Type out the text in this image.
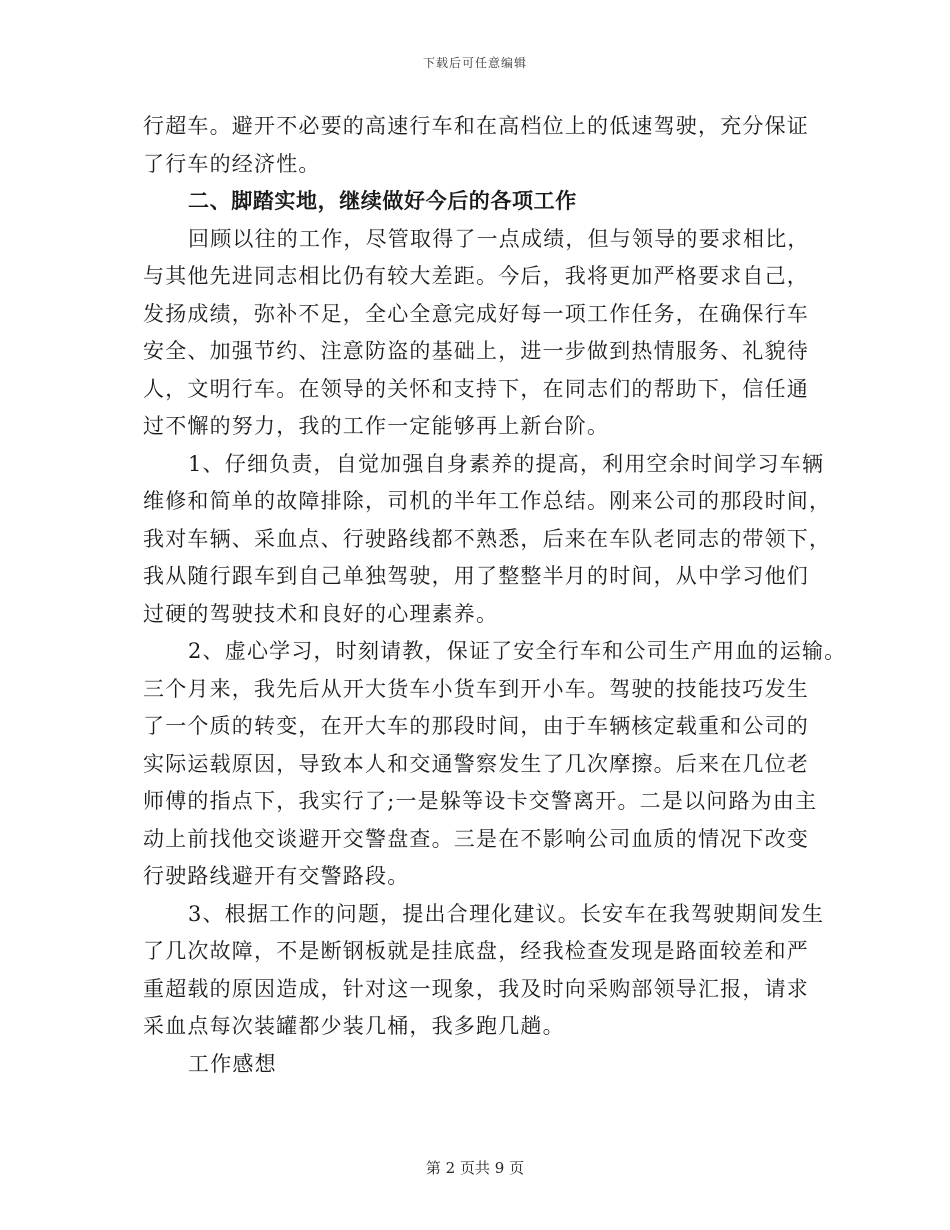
下载后可任意编辑
行超车。避开不必要的高速行车和在高档位上的低速驾驶，充分保证
了行车的经济性。
二、脚踏实地，继续做好今后的各项工作
回顾以往的工作，尽管取得了一点成绩，但与领导的要求相比，
与其他先进同志相比仍有较大差距。今后，我将更加严格要求自己，
发扬成绩，弥补不足，全心全意完成好每一项工作任务，在确保行车
安全、加强节约、注意防盗的基础上，进一步做到热情服务、礼貌待
人，文明行车。在领导的关怀和支持下，在同志们的帮助下，信任通
过不懈的努力，我的工作一定能够再上新台阶。
1、仔细负责，自觉加强自身素养的提高，利用空余时间学习车辆
维修和简单的故障排除，司机的半年工作总结。刚来公司的那段时间，
我对车辆、采血点、行驶路线都不熟悉，后来在车队老同志的带领下，
我从随行跟车到自己单独驾驶，用了整整半月的时间，从中学习他们
过硬的驾驶技术和良好的心理素养。
2、虚心学习，时刻请教，保证了安全行车和公司生产用血的运输。
三个月来，我先后从开大货车小货车到开小车。驾驶的技能技巧发生
了一个质的转变，在开大车的那段时间，由于车辆核定载重和公司的
实际运载原因，导致本人和交通警察发生了几次摩擦。后来在几位老
师傅的指点下，我实行了;一是躲等设卡交警离开。二是以问路为由主
动上前找他交谈避开交警盘查。三是在不影响公司血质的情况下改变
行驶路线避开有交警路段。
3、根据工作的问题，提出合理化建议。长安车在我驾驶期间发生
了几次故障，不是断钢板就是挂底盘，经我检查发现是路面较差和严
重超载的原因造成，针对这一现象，我及时向采购部领导汇报，请求
采血点每次装罐都少装几桶，我多跑几趟。
工作感想
第 2 页共 9 页
